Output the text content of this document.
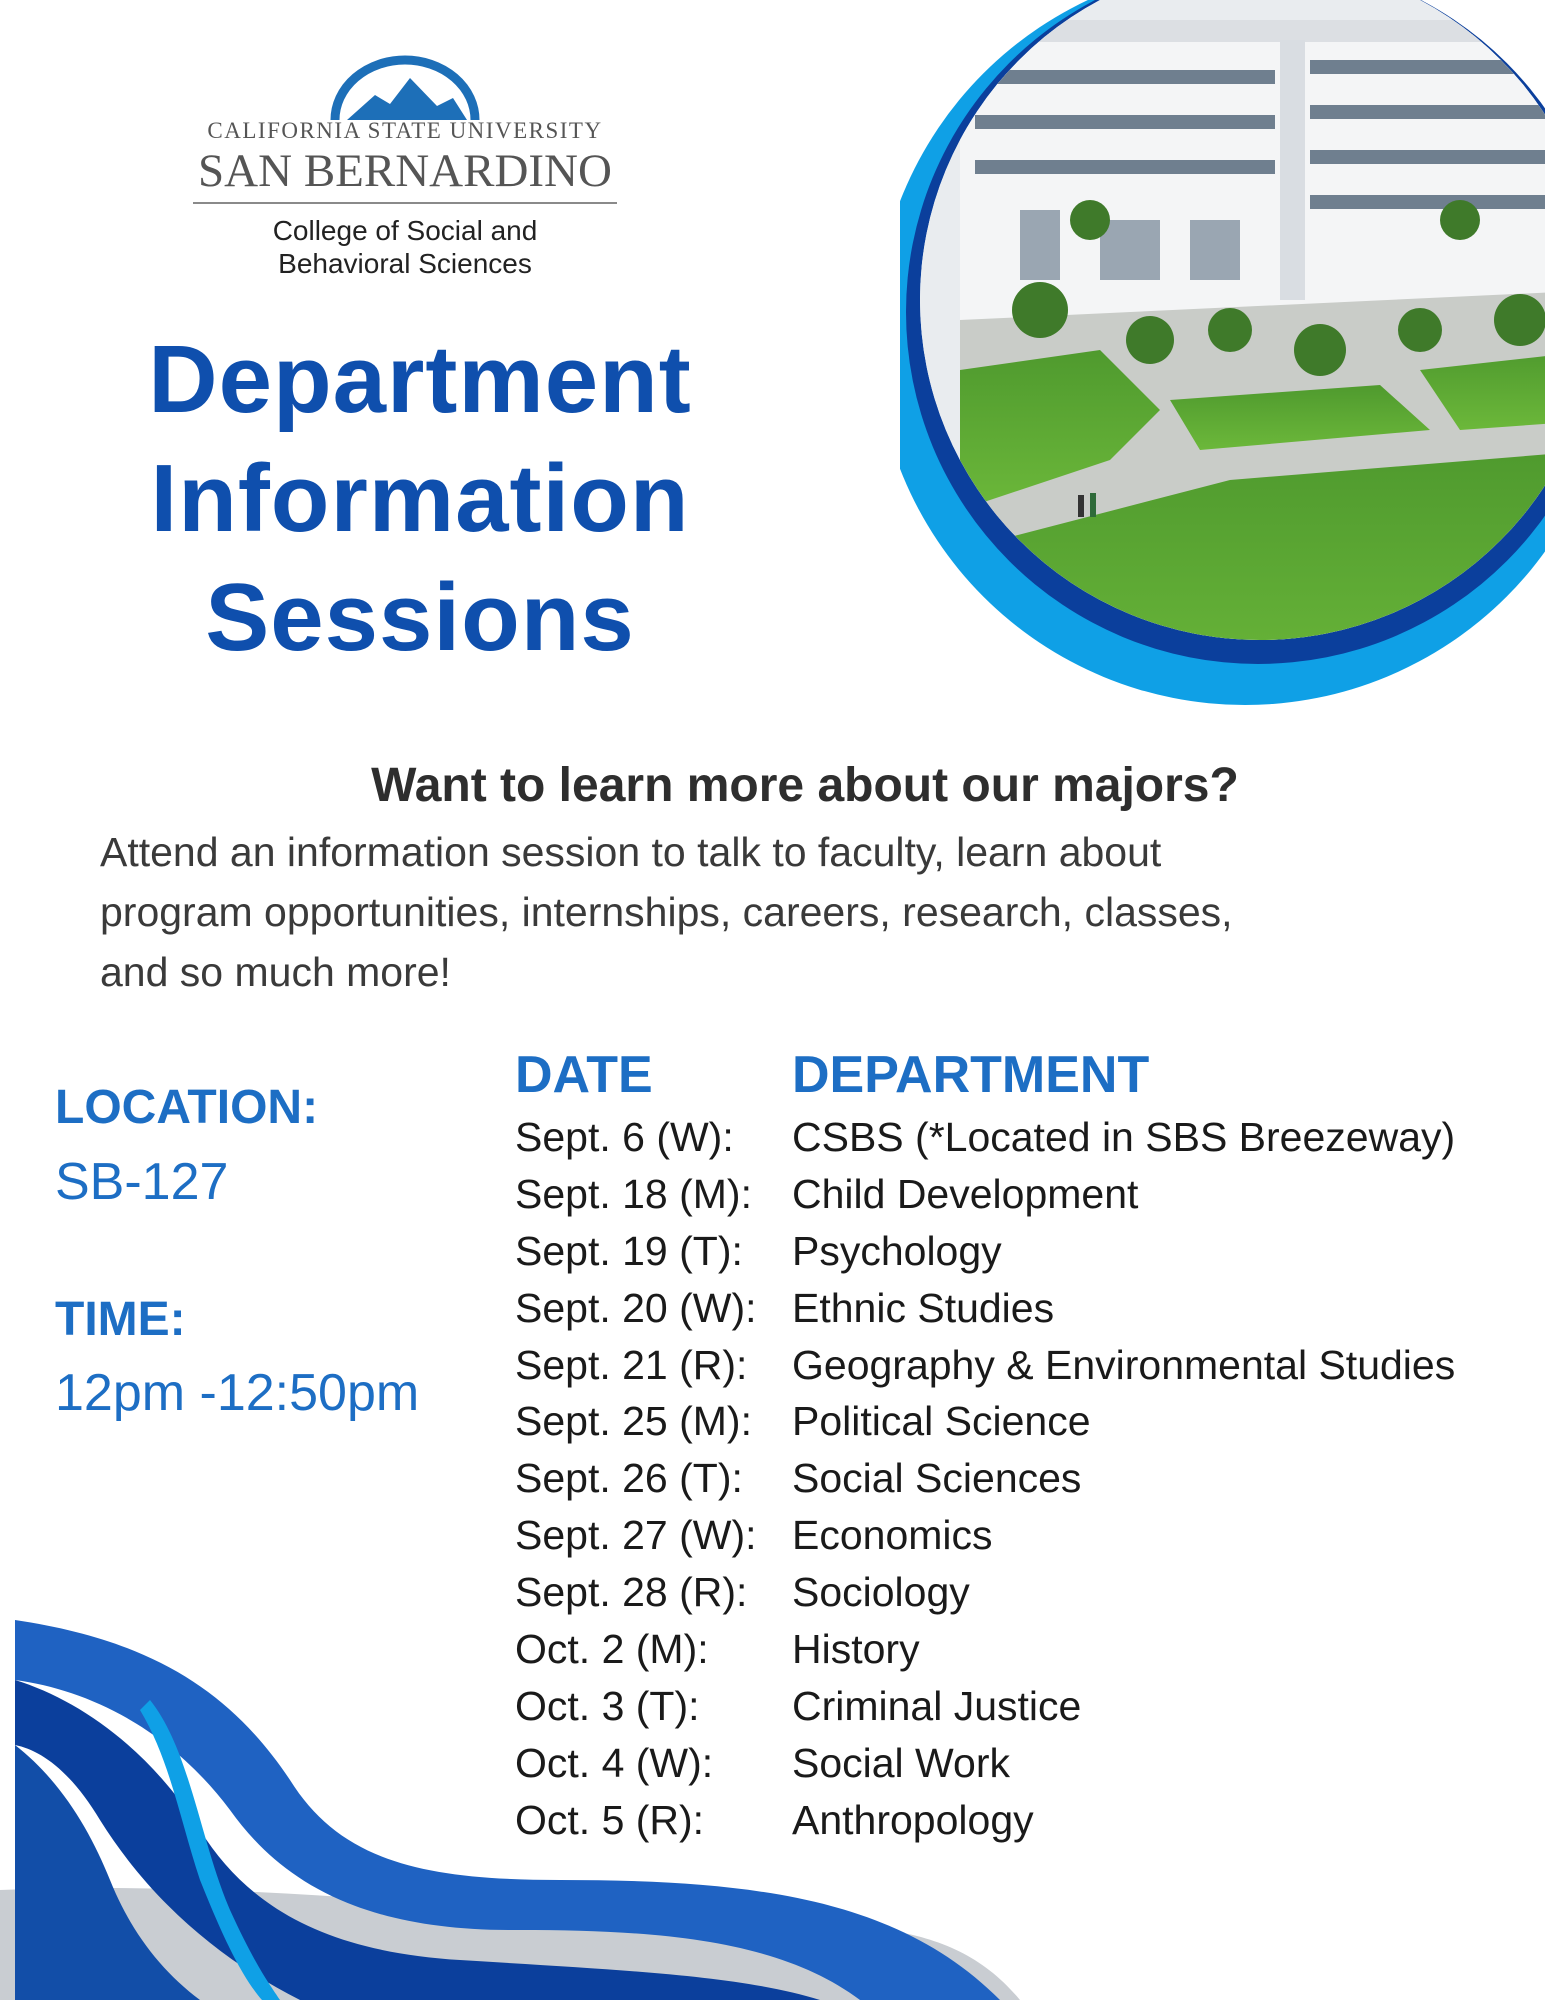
CALIFORNIA STATE UNIVERSITY
SAN BERNARDINO
College of Social and
Behavioral Sciences
Department
Information
Sessions
Want to learn more about our majors?
Attend an information session to talk to faculty, learn about
program opportunities, internships, careers, research, classes,
and so much more!
LOCATION:
SB-127
TIME:
12pm -12:50pm
DATE	DEPARTMENT
Sept. 6 (W):	CSBS (*Located in SBS Breezeway)
Sept. 18 (M): Child Development
Sept. 19 (T):	Psychology
Sept. 20 (W): Ethnic Studies
Sept. 21 (R):	Geography & Environmental Studies
Sept. 25 (M): Political Science
Sept. 26 (T):	Social Sciences
Sept. 27 (W): Economics
Sept. 28 (R):	Sociology
Oct. 2 (M):	History
Oct. 3 (T):	Criminal Justice
Oct. 4 (W):	Social Work
Oct. 5 (R):	Anthropology
